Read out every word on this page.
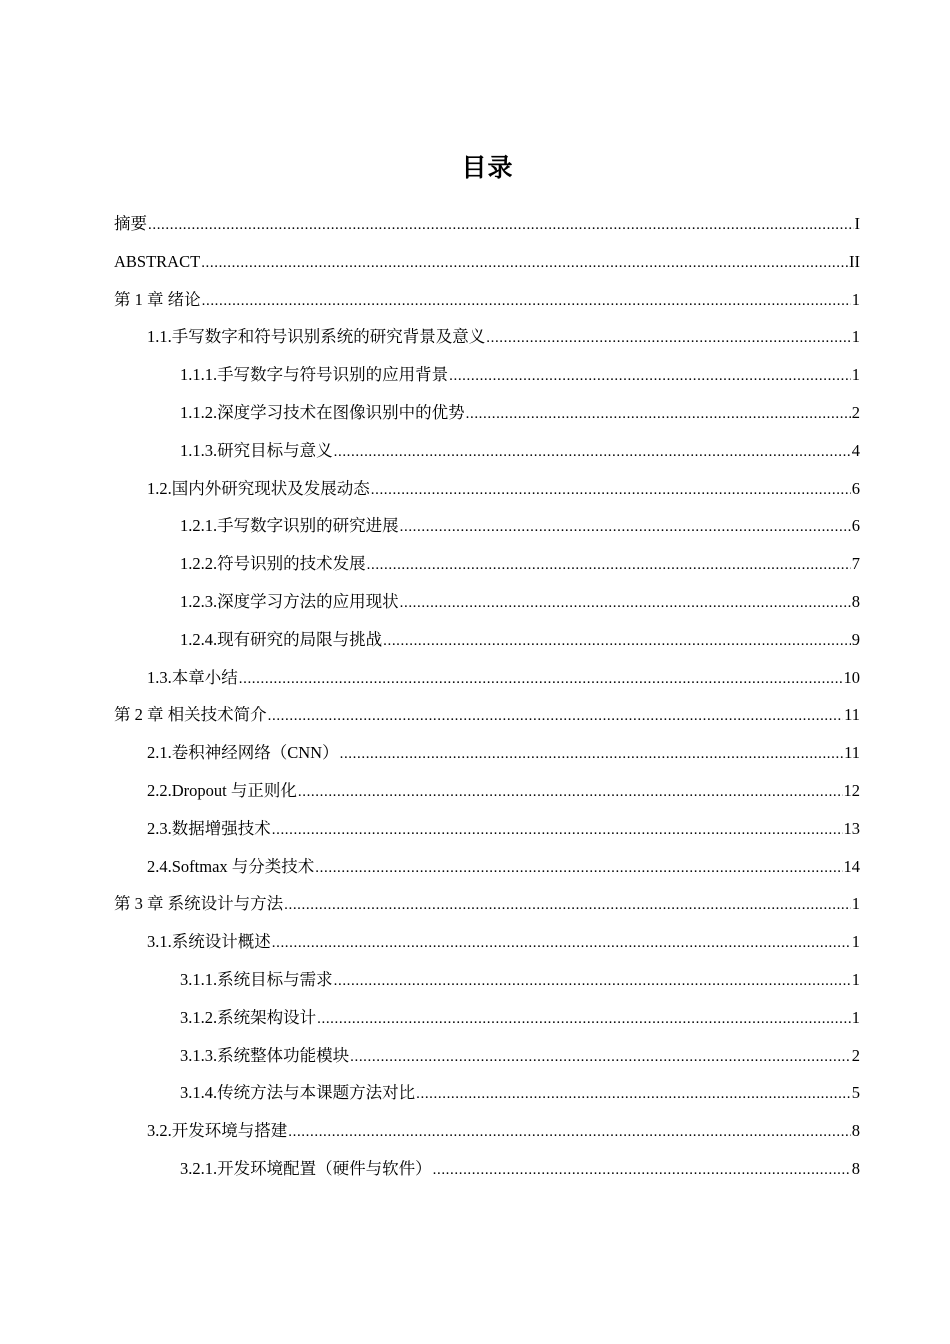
目录
摘要 .....	I
ABSTRACT .....	II
第 1 章 绪论 .....	1
1.1.手写数字和符号识别系统的研究背景及意义 .....	1
1.1.1.手写数字与符号识别的应用背景 .....	1
1.1.2.深度学习技术在图像识别中的优势 .....	2
1.1.3.研究目标与意义 .....	4
1.2.国内外研究现状及发展动态 .....	6
1.2.1.手写数字识别的研究进展 .....	6
1.2.2.符号识别的技术发展 .....	7
1.2.3.深度学习方法的应用现状 .....	8
1.2.4.现有研究的局限与挑战 .....	9
1.3.本章小结 .....	10
第 2 章 相关技术简介 .....	11
2.1.卷积神经网络（CNN） .....	11
2.2.Dropout 与正则化 .....	12
2.3.数据增强技术 .....	13
2.4.Softmax 与分类技术 .....	14
第 3 章 系统设计与方法 .....	1
3.1.系统设计概述 .....	1
3.1.1.系统目标与需求 .....	1
3.1.2.系统架构设计 .....	1
3.1.3.系统整体功能模块 .....	2
3.1.4.传统方法与本课题方法对比 .....	5
3.2.开发环境与搭建 .....	8
3.2.1.开发环境配置（硬件与软件） .....	8
